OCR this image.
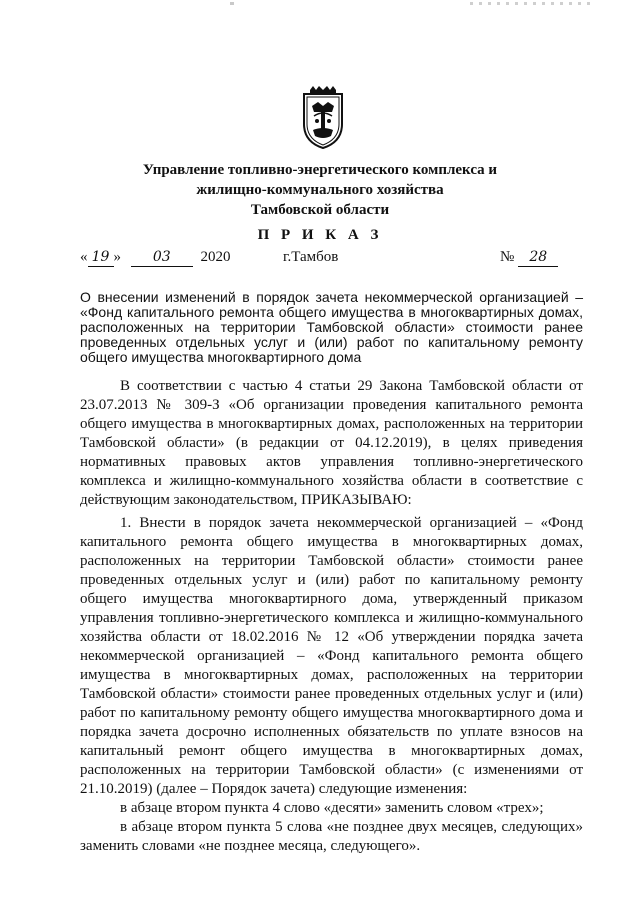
Управление топливно-энергетического комплекса и
жилищно-коммунального хозяйства
Тамбовской области
П Р И К А З
« 19 » 03 2020	г.Тамбов	№ 28
О внесении изменений в порядок зачета некоммерческой организацией – «Фонд капитального ремонта общего имущества в многоквартирных домах, расположенных на территории Тамбовской области» стоимости ранее проведенных отдельных услуг и (или) работ по капитальному ремонту общего имущества многоквартирного дома

В соответствии с частью 4 статьи 29 Закона Тамбовской области от 23.07.2013 № 309-З «Об организации проведения капитального ремонта общего имущества в многоквартирных домах, расположенных на территории Тамбовской области» (в редакции от 04.12.2019), в целях приведения нормативных правовых актов управления топливно-энергетического комплекса и жилищно-коммунального хозяйства области в соответствие с действующим законодательством, ПРИКАЗЫВАЮ:

1. Внести в порядок зачета некоммерческой организацией – «Фонд капитального ремонта общего имущества в многоквартирных домах, расположенных на территории Тамбовской области» стоимости ранее проведенных отдельных услуг и (или) работ по капитальному ремонту общего имущества многоквартирного дома, утвержденный приказом управления топливно-энергетического комплекса и жилищно-коммунального хозяйства области от 18.02.2016 № 12 «Об утверждении порядка зачета некоммерческой организацией – «Фонд капитального ремонта общего имущества в многоквартирных домах, расположенных на территории Тамбовской области» стоимости ранее проведенных отдельных услуг и (или) работ по капитальному ремонту общего имущества многоквартирного дома и порядка зачета досрочно исполненных обязательств по уплате взносов на капитальный ремонт общего имущества в многоквартирных домах, расположенных на территории Тамбовской области» (с изменениями от 21.10.2019) (далее – Порядок зачета) следующие изменения:

в абзаце втором пункта 4 слово «десяти» заменить словом «трех»;

в абзаце втором пункта 5 слова «не позднее двух месяцев, следующих» заменить словами «не позднее месяца, следующего».
